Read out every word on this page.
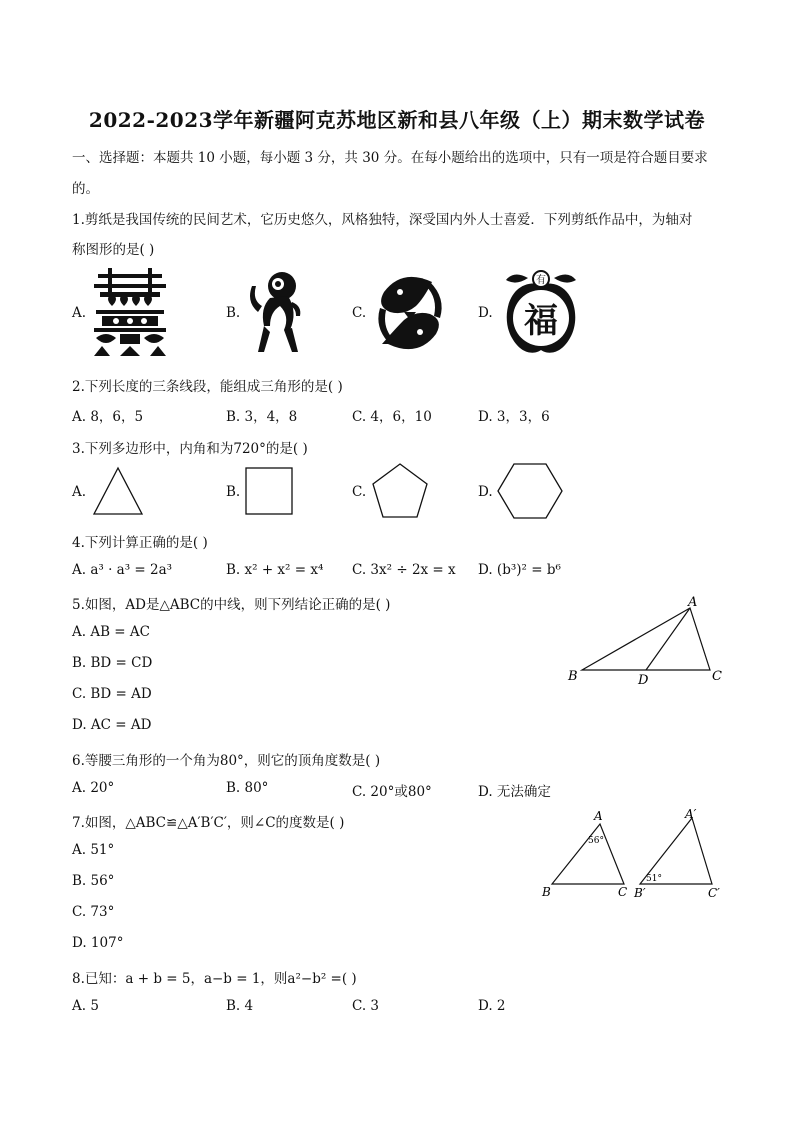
2022-2023学年新疆阿克苏地区新和县八年级（上）期末数学试卷
一、选择题：本题共 10 小题，每小题 3 分，共 30 分。在每小题给出的选项中，只有一项是符合题目要求
的。
1.剪纸是我国传统的民间艺术，它历史悠久，风格独特，深受国内外人士喜爱．下列剪纸作品中，为轴对
称图形的是( )
A.	B.	C.	D. 福
有
2.下列长度的三条线段，能组成三角形的是( )
A. 8，6，5	B. 3，4，8	C. 4，6，10	D. 3，3，6
3.下列多边形中，内角和为720°的是( )
A.	B.	C.	D.
4.下列计算正确的是( )
A. a³ · a³ = 2a³	B. x² + x² = x⁴ C. 3x² ÷ 2x = x D. (b³)² = b⁶
5.如图，AD是△ABC的中线，则下列结论正确的是( )
A. AB = AC
B. BD = CD
C. BD = AD
D. AC = AD
A
B	C
D
6.等腰三角形的一个角为80°，则它的顶角度数是( )
A. 20°	B. 80°	C. 20°或80°	D. 无法确定
7.如图，△ABC≌△A′B′C′，则∠C的度数是( )
A. 51°
B. 56°
C. 73°
D. 107°
A
B	C
56°
A′
B′	C′
51°
8.已知：a + b = 5，a−b = 1，则a²−b² =( )
A. 5	B. 4	C. 3	D. 2
